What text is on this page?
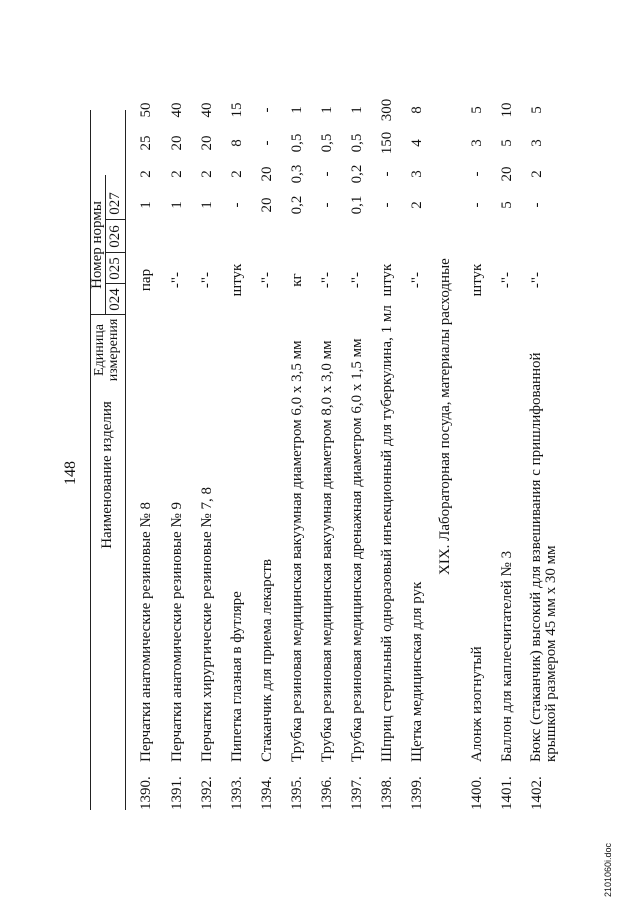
148 Наименование изделия
Номер нормы
024
025
026
027
Единица измерения
1390.
Перчатки анатомические резиновые № 8
пар
1
2
25
50
1391.
Перчатки анатомические резиновые № 9
-"-
1
2
20
40
1392.
Перчатки хирургические резиновые № 7, 8
-"-
1
2
20
40
1393.
Пипетка глазная в футляре
штук
-
2
8
15
1394.
Стаканчик для приема лекарств
-"-
20
20
-
-
1395.
Трубка резиновая медицинская вакуумная диаметром 6,0 х 3,5 мм
кг
0,2
0,3
0,5
1
1396.
Трубка резиновая медицинская вакуумная диаметром 8,0 х 3,0 мм
-"-
-
-
0,5
1
1397.
Трубка резиновая медицинская дренажная диаметром 6,0 х 1,5 мм
-"-
0,1
0,2
0,5
1
1398.
Шприц стерильный одноразовый инъекционный для туберкулина, 1 мл
штук
-
-
150
300
1399.
Щетка медицинская для рук
-"-
2
3
4
8
XIX. Лабораторная посуда, материалы расходные
1400.
Алонж изогнутый
штук
-
-
3
5
1401.
Баллон для каплесчитателей № 3
-"-
5
20
5
10
1402.
Бюкс (стаканчик) высокий для взвешивания с пришлифованной крышкой размером 45 мм х 30 мм
-"-
-
2
3
5
2101060i.doc
